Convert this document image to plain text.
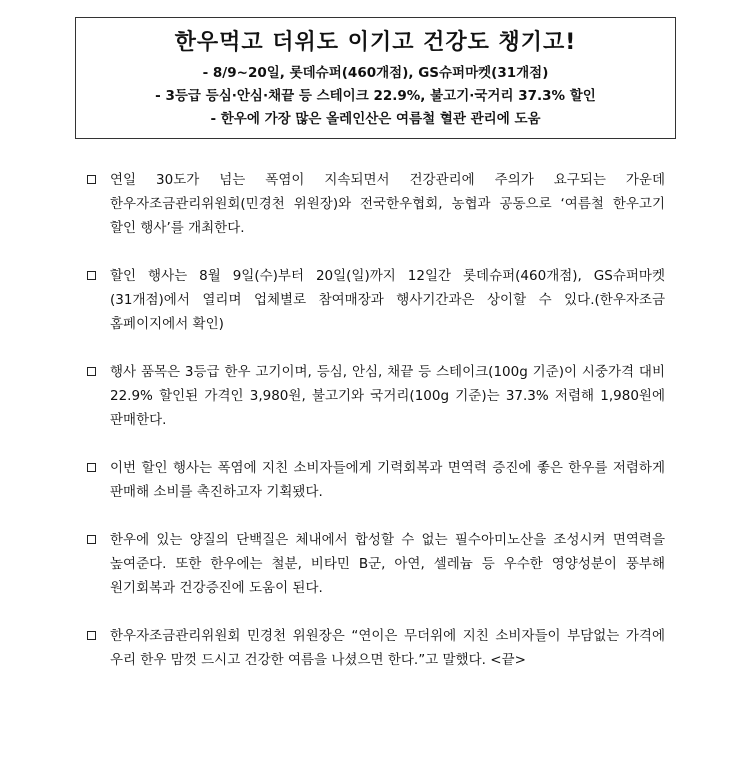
한우먹고 더위도 이기고 건강도 챙기고!
- 8/9~20일, 롯데슈퍼(460개점), GS슈퍼마켓(31개점)
- 3등급 등심·안심·채끝 등 스테이크 22.9%, 불고기·국거리 37.3% 할인
- 한우에 가장 많은 올레인산은 여름철 혈관 관리에 도움
연일 30도가 넘는 폭염이 지속되면서 건강관리에 주의가 요구되는 가운데 한우자조금관리위원회(민경천 위원장)와 전국한우협회, 농협과 공동으로 ‘여름철 한우고기 할인 행사’를 개최한다.
할인 행사는 8월 9일(수)부터 20일(일)까지 12일간 롯데슈퍼(460개점), GS슈퍼마켓(31개점)에서 열리며 업체별로 참여매장과 행사기간과은 상이할 수 있다.(한우자조금 홈페이지에서 확인)
행사 품목은 3등급 한우 고기이며, 등심, 안심, 채끝 등 스테이크(100g 기준)이 시중가격 대비 22.9% 할인된 가격인 3,980원, 불고기와 국거리(100g 기준)는 37.3% 저렴해 1,980원에 판매한다.
이번 할인 행사는 폭염에 지친 소비자들에게 기력회복과 면역력 증진에 좋은 한우를 저렴하게 판매해 소비를 촉진하고자 기획됐다.
한우에 있는 양질의 단백질은 체내에서 합성할 수 없는 필수아미노산을 조성시켜 면역력을 높여준다. 또한 한우에는 철분, 비타민 B군, 아연, 셀레늄 등 우수한 영양성분이 풍부해 원기회복과 건강증진에 도움이 된다.
한우자조금관리위원회 민경천 위원장은 “연이은 무더위에 지친 소비자들이 부담없는 가격에 우리 한우 맘껏 드시고 건강한 여름을 나셨으면 한다.”고 말했다. <끝>
